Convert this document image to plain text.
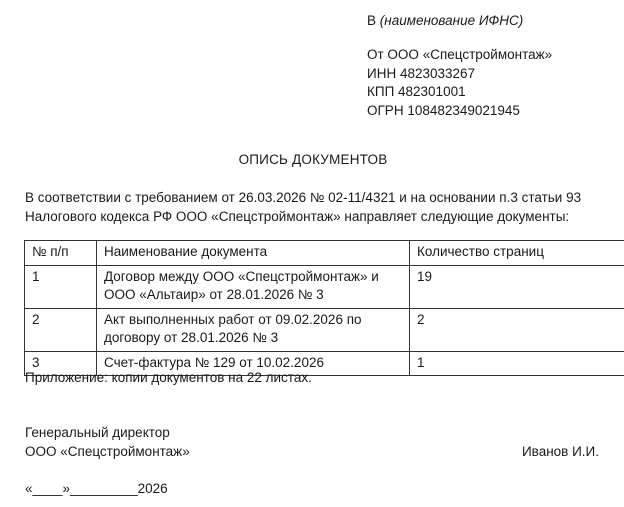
В (наименование ИФНС)
От ООО «Спецстроймонтаж»
ИНН 4823033267
КПП 482301001
ОГРН 108482349021945
ОПИСЬ ДОКУМЕНТОВ
В соответствии с требованием от 26.03.2026 № 02-11/4321 и на основании п.3 статьи 93
Налогового кодекса РФ ООО «Спецстроймонтаж» направляет следующие документы:
№ п/п	Наименование документа	Количество страниц
1	Договор между ООО «Спецстроймонтаж» и
ООО «Альтаир» от 28.01.2026 № 3	19
2	Акт выполненных работ от 09.02.2026 по
договору от 28.01.2026 № 3	2
3	Счет-фактура № 129 от 10.02.2026	1
Приложение: копии документов на 22 листах.
Генеральный директор
ООО «Спецстроймонтаж»	Иванов И.И.
«____»_________2026
